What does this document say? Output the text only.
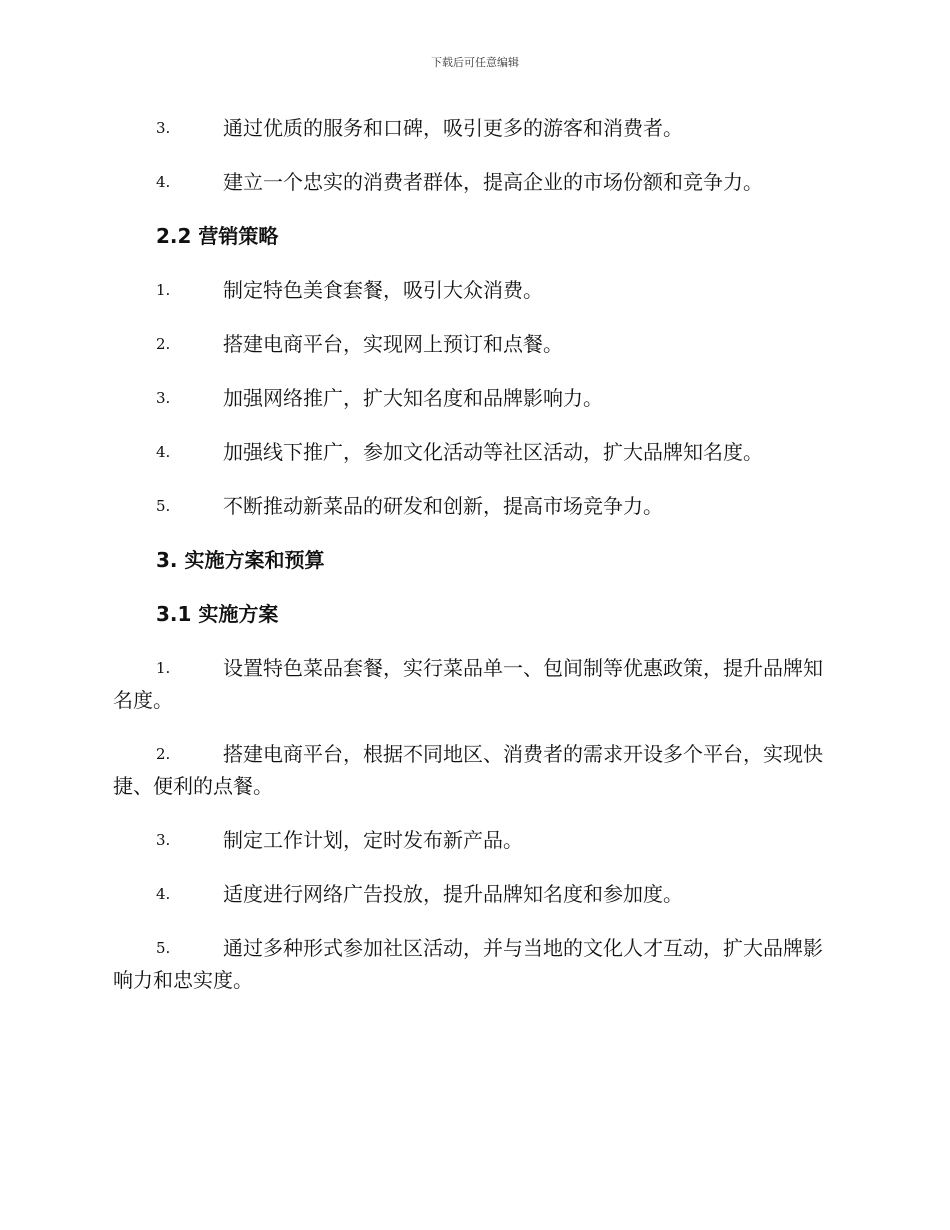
下载后可任意编辑
3.	通过优质的服务和口碑，吸引更多的游客和消费者。
4.	建立一个忠实的消费者群体，提高企业的市场份额和竞争力。
2.2 营销策略
1.	制定特色美食套餐，吸引大众消费。
2.	搭建电商平台，实现网上预订和点餐。
3.	加强网络推广，扩大知名度和品牌影响力。
4.	加强线下推广，参加文化活动等社区活动，扩大品牌知名度。
5.	不断推动新菜品的研发和创新，提高市场竞争力。
3. 实施方案和预算
3.1 实施方案
1.	设置特色菜品套餐，实行菜品单一、包间制等优惠政策，提升品牌知名度。
2.	搭建电商平台，根据不同地区、消费者的需求开设多个平台，实现快捷、便利的点餐。
3.	制定工作计划，定时发布新产品。
4.	适度进行网络广告投放，提升品牌知名度和参加度。
5.	通过多种形式参加社区活动，并与当地的文化人才互动，扩大品牌影响力和忠实度。
